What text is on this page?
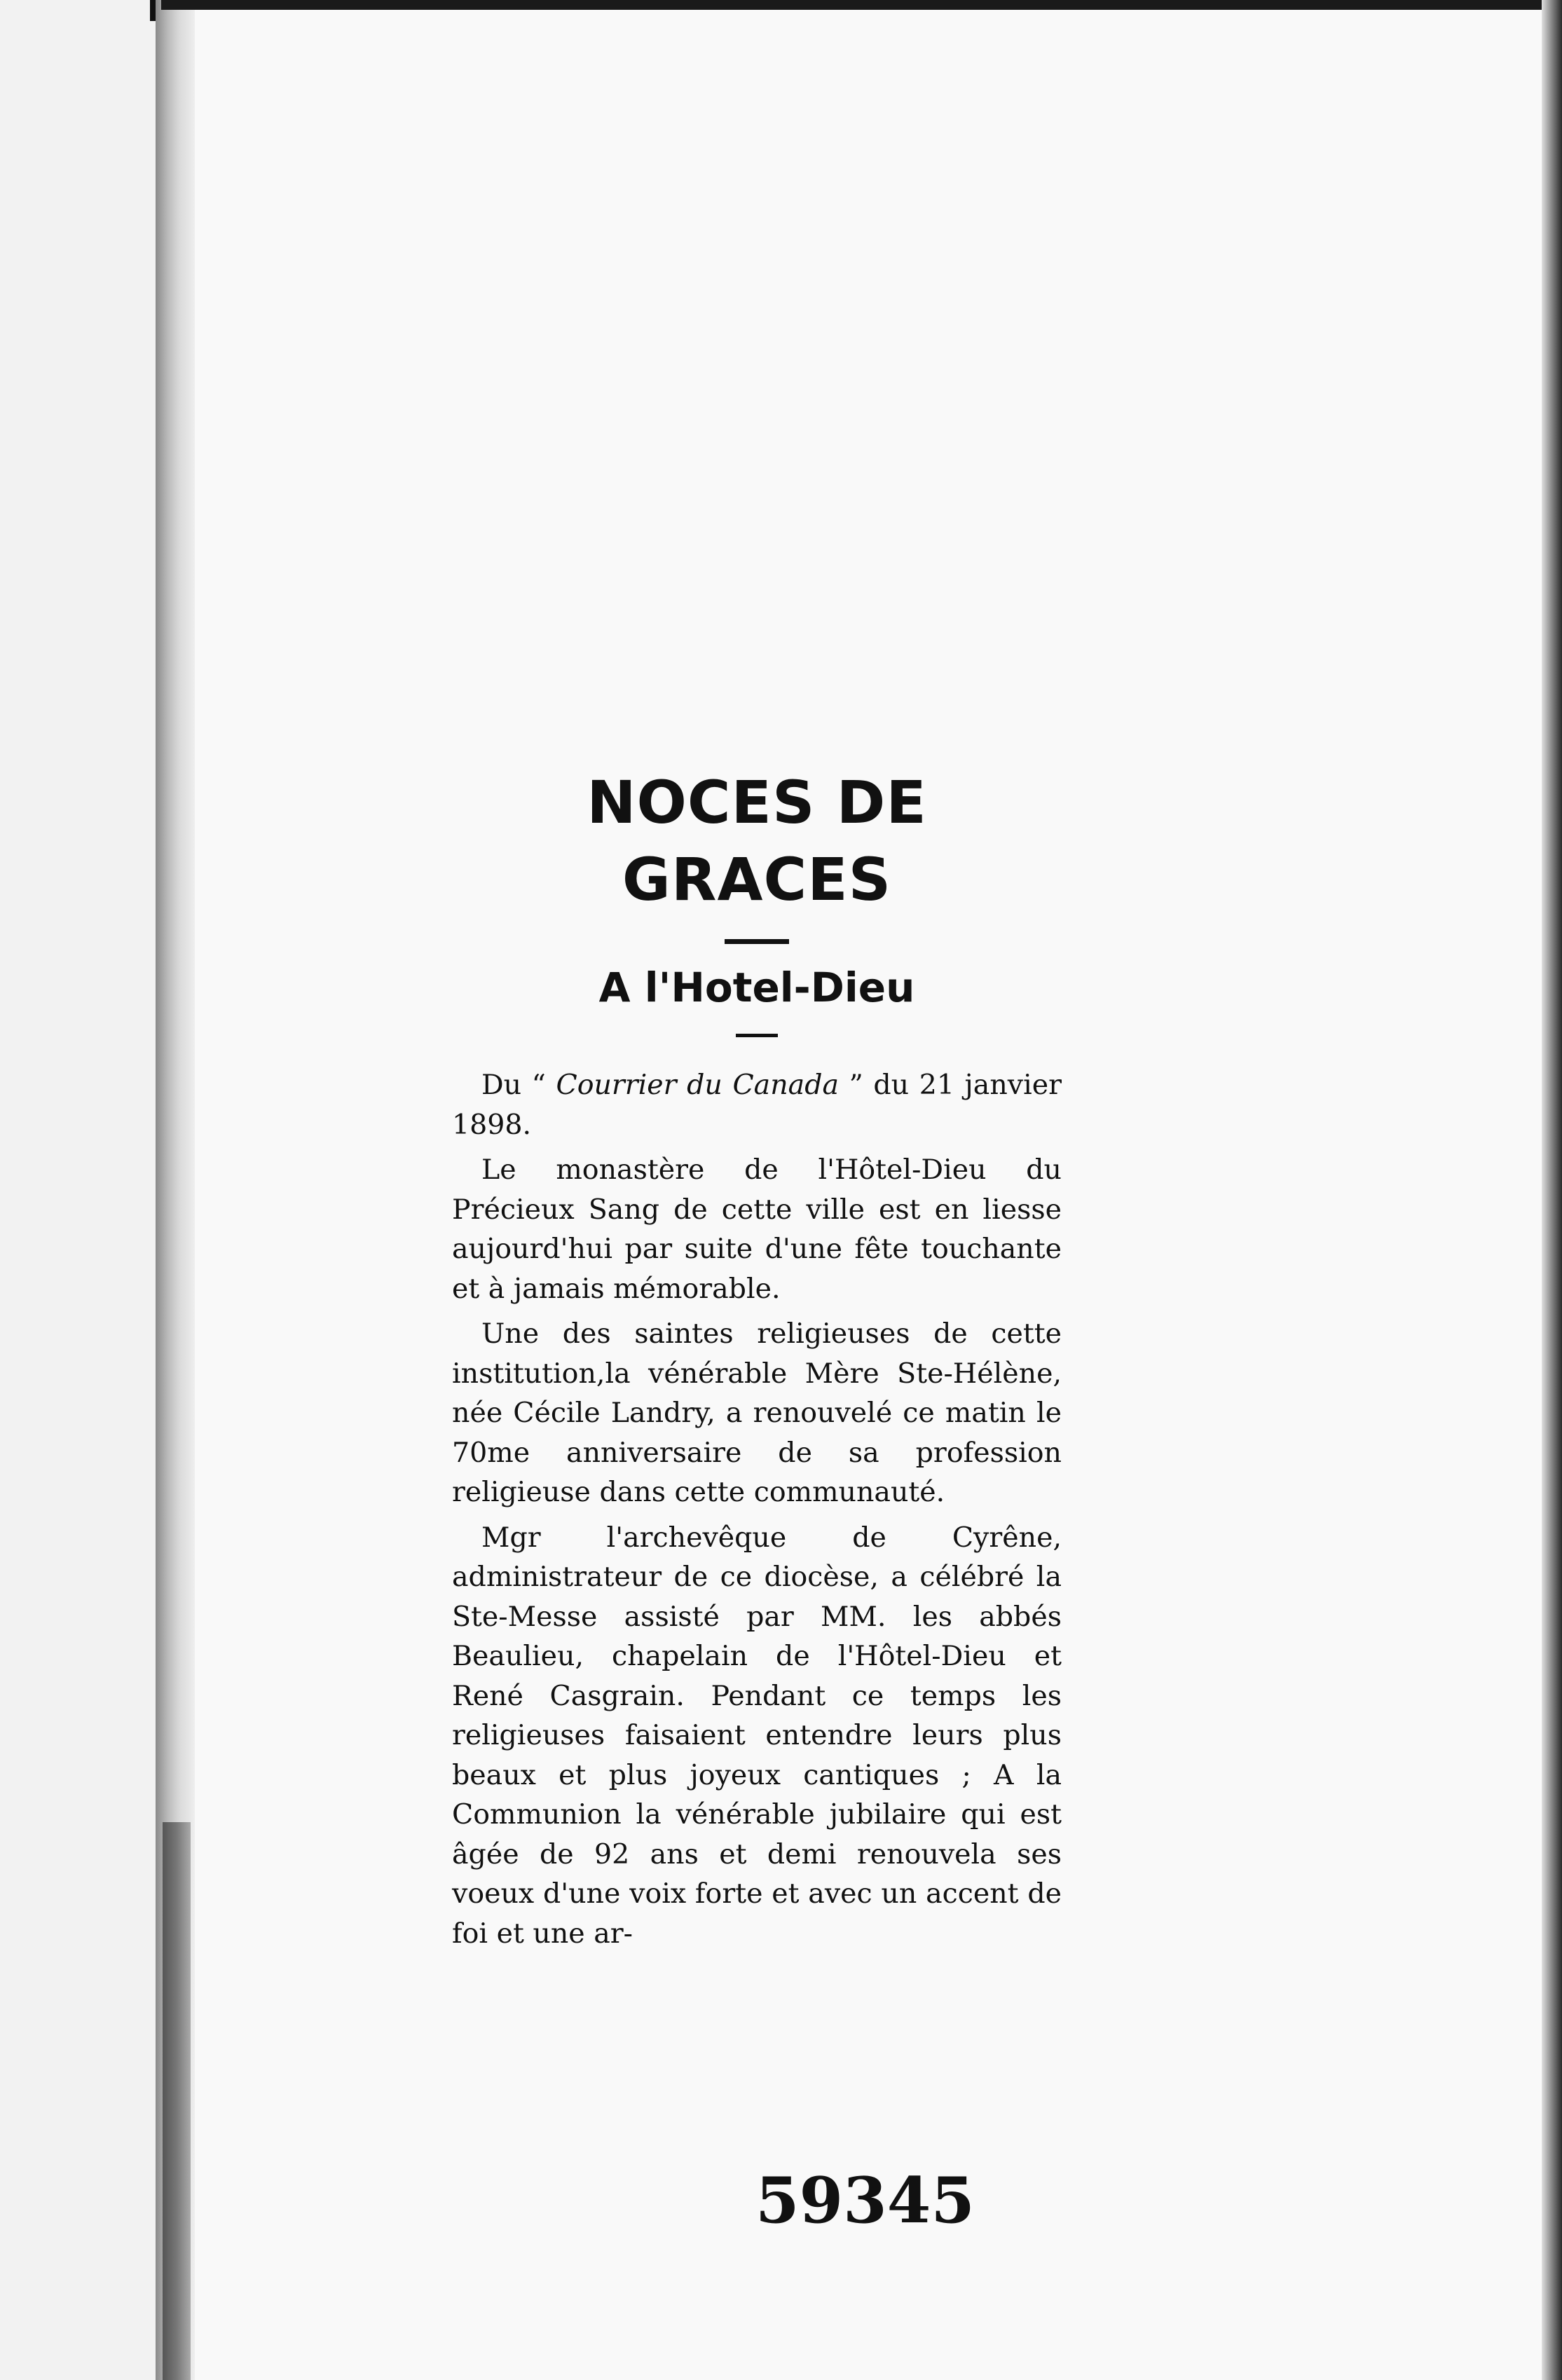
NOCES DE GRACES
A l'Hotel-Dieu

Du “ Courrier du Canada ” du 21 janvier 1898.

Le monastère de l'Hôtel-Dieu du Précieux Sang de cette ville est en liesse aujourd'hui par suite d'une fête touchante et à jamais mémorable.

Une des saintes religieuses de cette institution,la vénérable Mère Ste-Hélène, née Cécile Landry, a renouvelé ce matin le 70me anniversaire de sa profession religieuse dans cette communauté.

Mgr l'archevêque de Cyrêne, administrateur de ce diocèse, a célébré la Ste-Messe assisté par MM. les abbés Beaulieu, chapelain de l'Hôtel-Dieu et René Casgrain. Pendant ce temps les religieuses faisaient entendre leurs plus beaux et plus joyeux cantiques ; A la Communion la vénérable jubilaire qui est âgée de 92 ans et demi renouvela ses voeux d'une voix forte et avec un accent de foi et une ar-

59345
